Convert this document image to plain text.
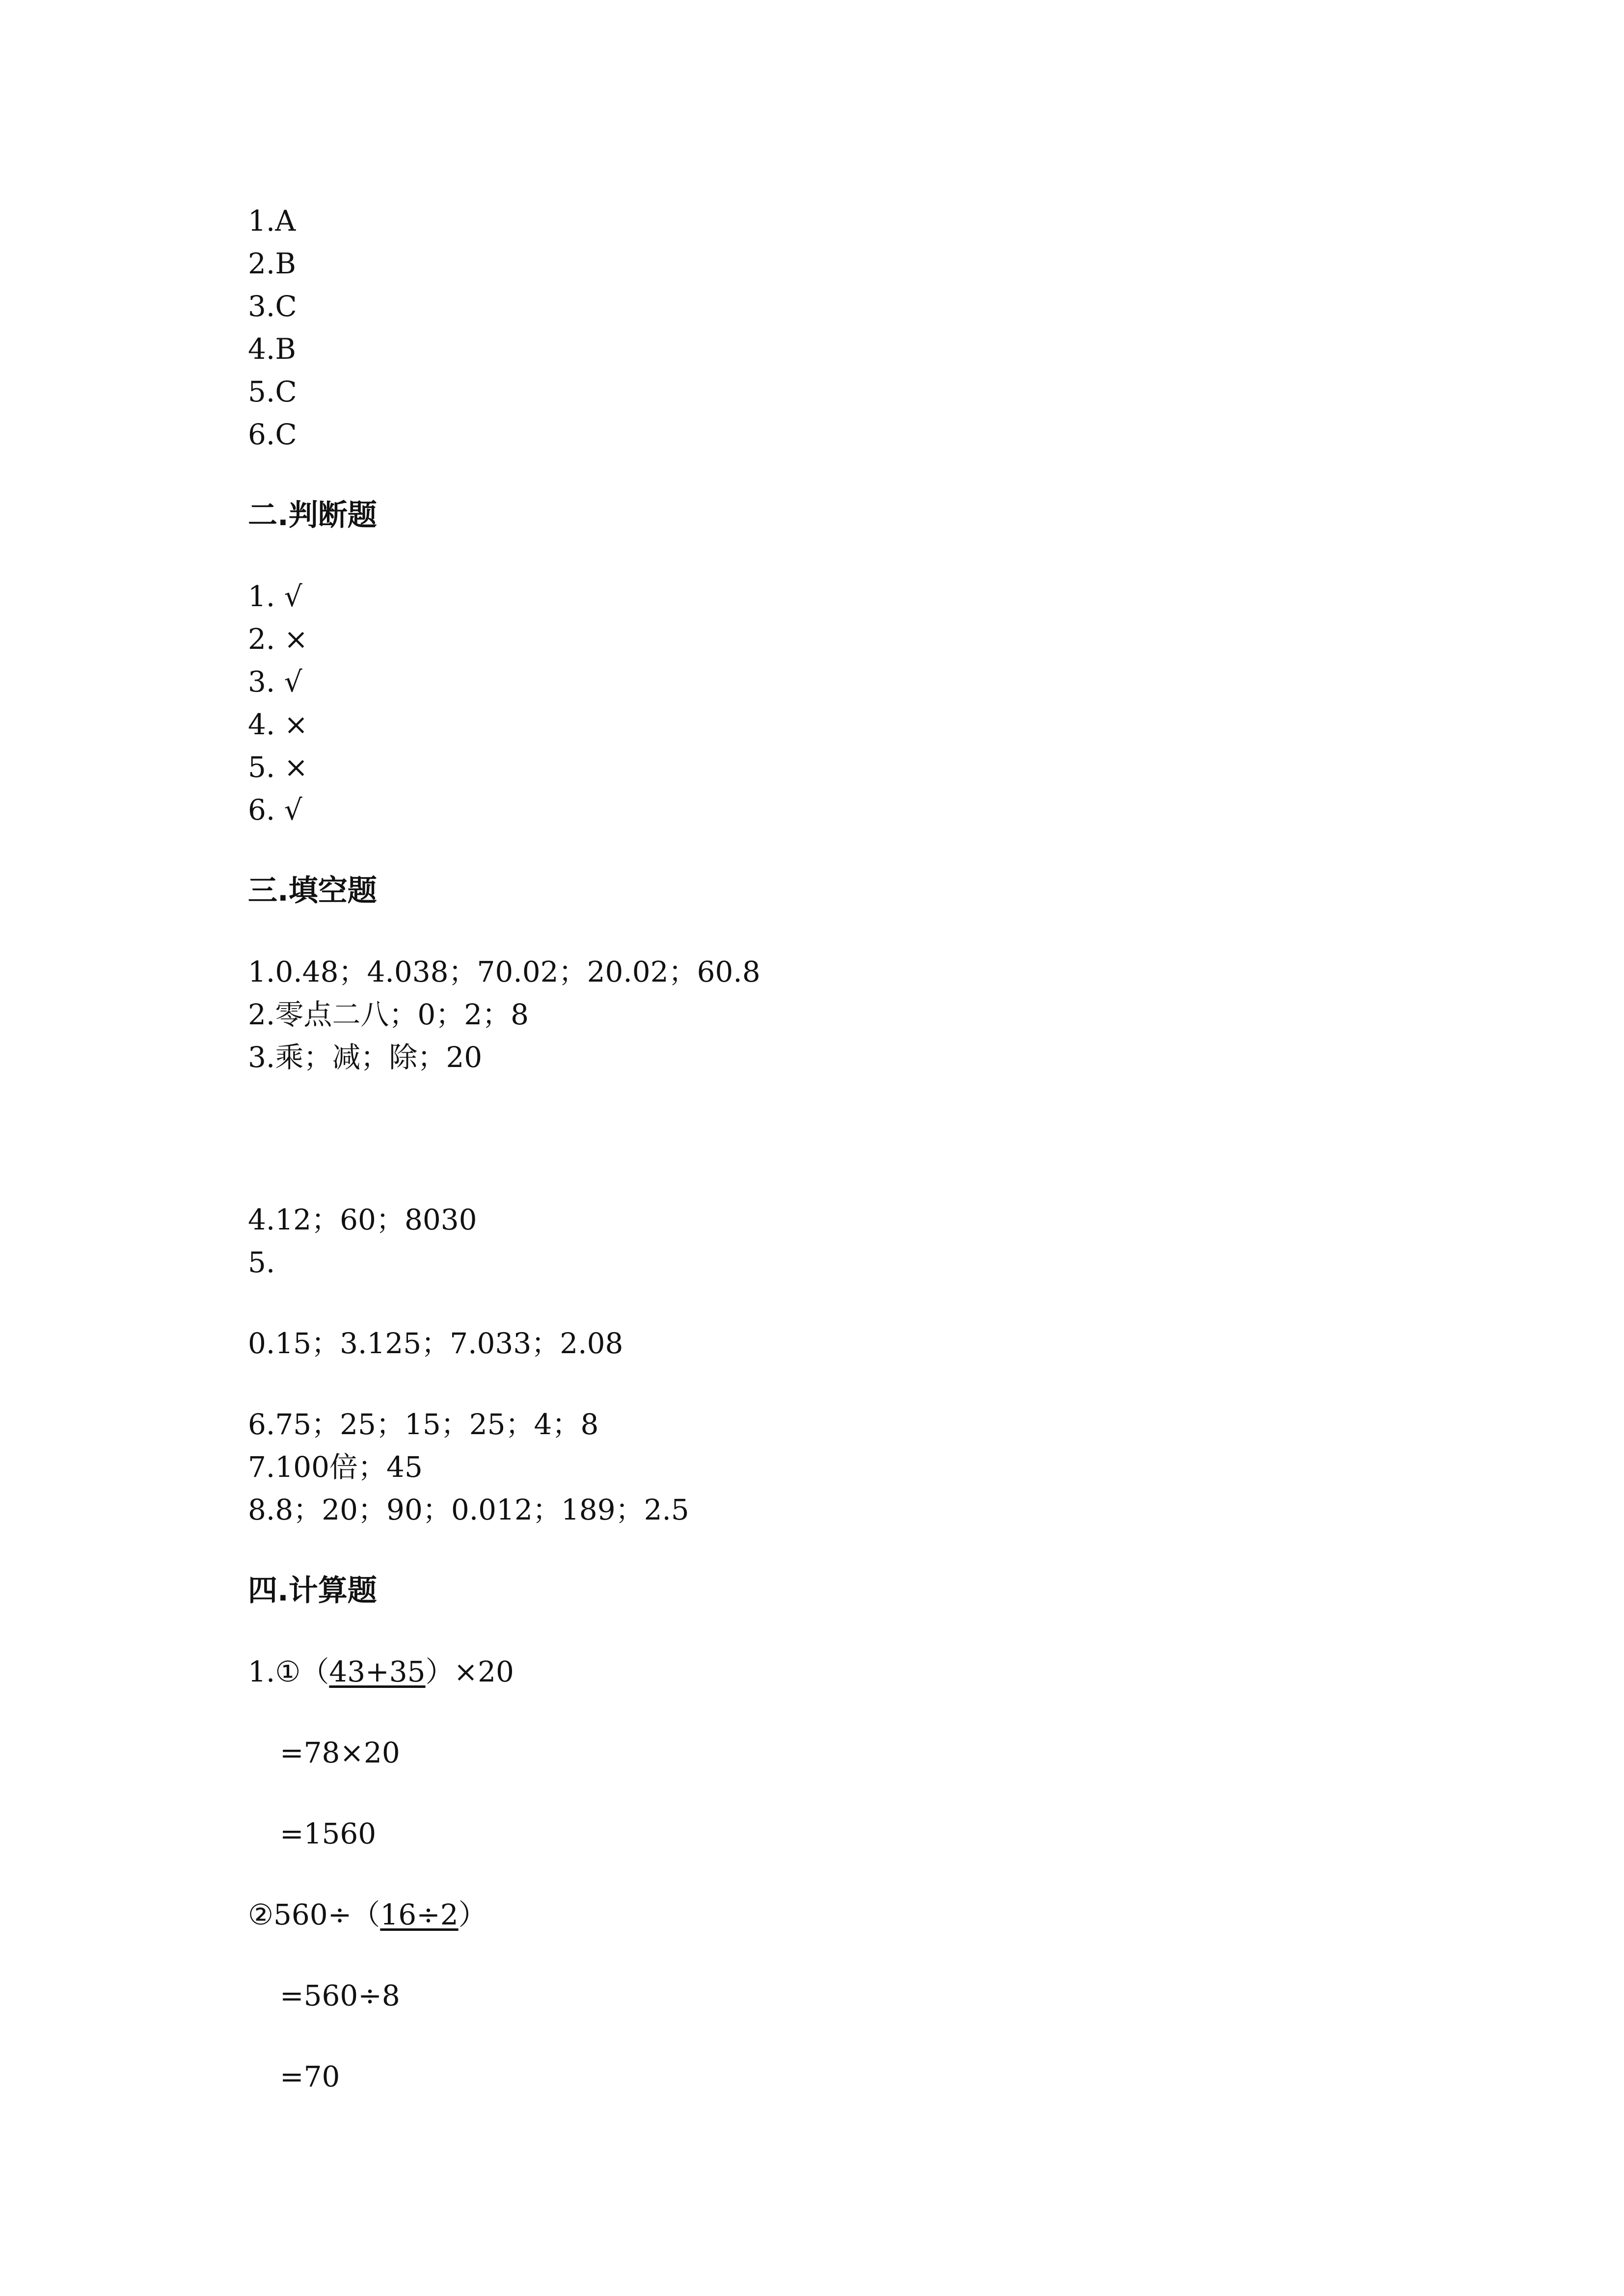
1.A

2.B

3.C

4.B

5.C

6.C

二.判断题

1. √

2. ×

3. √

4. ×

5. ×

6. √

三.填空题

1.0.48；4.038；70.02；20.02；60.8

2.零点二八；0；2；8

3.乘；减；除；20

4.12；60；8030

5.

0.15；3.125；7.033；2.08

6.75；25；15；25；4；8

7.100倍；45

8.8；20；90；0.012；189；2.5

四.计算题

1.①（43+35）×20

=78×20

=1560

②560÷（16÷2）

=560÷8

=70
